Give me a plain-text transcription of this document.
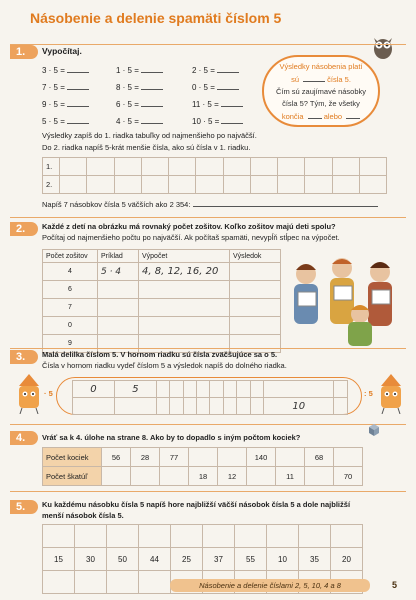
Násobenie a delenie spamäti číslom 5
1.	Vypočítaj.
3 · 5 =
7 · 5 =
9 · 5 =
5 · 5 =
1 · 5 =
8 · 5 =
6 · 5 =
4 · 5 =
2 · 5 =
0 · 5 =
11 · 5 =
10 · 5 =
Výsledky násobenia platí
sú	čísla 5.
Čím sú zaujímavé násobky
čísla 5? Tým, že všetky
končia	alebo
Výsledky zapíš do 1. riadka tabuľky od najmenšieho po najväčší.
Do 2. riadka napíš 5-krát menšie čísla, ako sú čísla v 1. riadku.
1.												
2.												
Napíš 7 násobkov čísla 5 väčších ako 2 354:
2.	Každé z detí na obrázku má rovnaký počet zošitov. Koľko zošitov majú deti spolu?
Počítaj od najmenšieho počtu po najväčší. Ak počítaš spamäti, nevypĺň stĺpec na výpočet.
Počet zošitov	Príklad	Výpočet	Výsledok
4	5 · 4	4, 8, 12, 16, 20	
6			
7			
0			
9			
3.	Malá delilka číslom 5. V hornom riadku sú čísla zväčšujúce sa o 5.
Čísla v hornom riadku vydeľ číslom 5 a výsledok napíš do dolného riadka.
· 5	0	5										
										10	
: 5
4.	Vráť sa k 4. úlohe na strane 8. Ako by to dopadlo s iným počtom kociek?
Počet kociek	56	28	77			140		68	
Počet škatúľ				18	12		11		70
5.	Ku každému násobku čísla 5 napíš hore najbližší väčší násobok čísla 5 a dole najbližší
menší násobok čísla 5.

15	30	50	44	25	37	55	10	35	20

Násobenie a delenie číslami 2, 5, 10, 4 a 8	5
